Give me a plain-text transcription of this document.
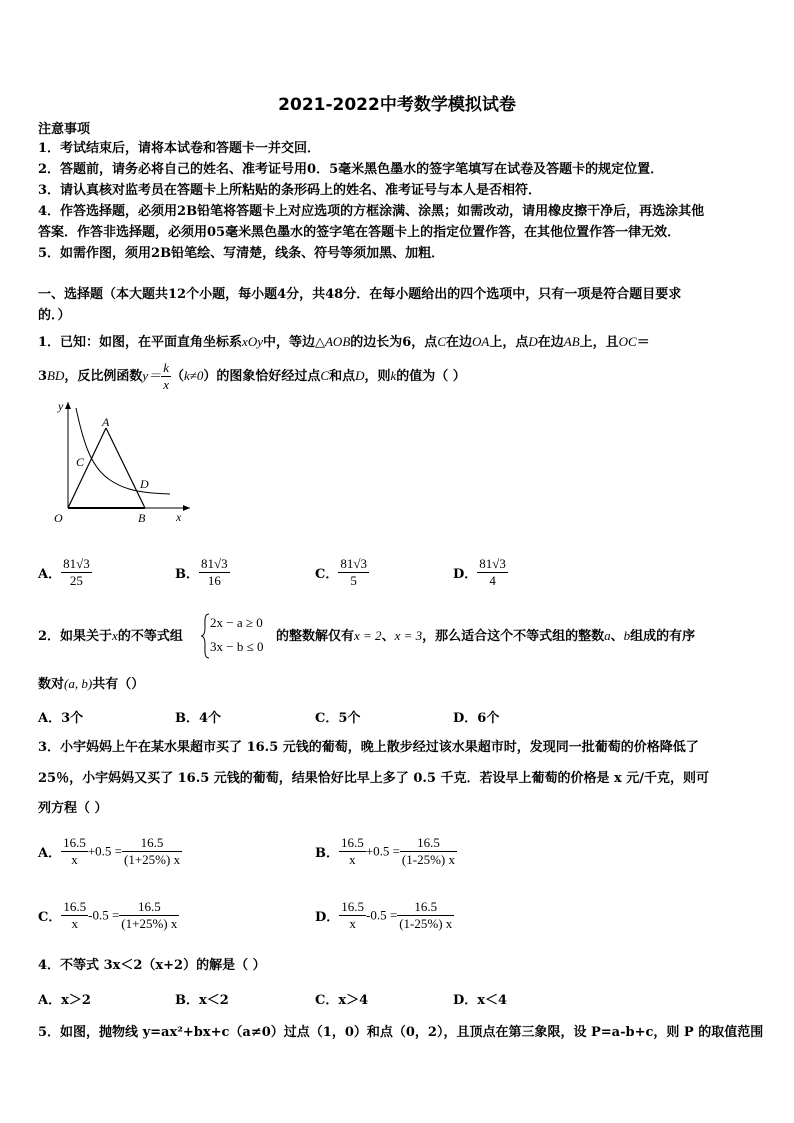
2021-2022中考数学模拟试卷
注意事项
1．考试结束后，请将本试卷和答题卡一并交回．
2．答题前，请务必将自己的姓名、准考证号用0．5毫米黑色墨水的签字笔填写在试卷及答题卡的规定位置．
3．请认真核对监考员在答题卡上所粘贴的条形码上的姓名、准考证号与本人是否相符．
4．作答选择题，必须用2B铅笔将答题卡上对应选项的方框涂满、涂黑；如需改动，请用橡皮擦干净后，再选涂其他
答案．作答非选择题，必须用05毫米黑色墨水的签字笔在答题卡上的指定位置作答，在其他位置作答一律无效．
5．如需作图，须用2B铅笔绘、写清楚，线条、符号等须加黑、加粗．
一、选择题（本大题共12个小题，每小题4分，共48分．在每小题给出的四个选项中，只有一项是符合题目要求
的．）
1．已知：如图，在平面直角坐标系xOy中，等边△AOB的边长为6，点C在边OA上，点D在边AB上，且OC＝
3BD，反比例函数$y= \frac{k}{x} (k\ne 0)$的图象恰好经过点C和点D，则k的值为（ ）
y
x
O
A
B
C
D
A． $\frac{81√3}{25}$	B． $\frac{81√3}{16}$	C． $\frac{81√3}{5}$	D． $\frac{81√3}{4}$
2．如果关于x的不等式组
2x − a ≥ 0
3x − b ≤ 0
的整数解仅有x = 2、x = 3，那么适合这个不等式组的整数a、b组成的有序
数对(a, b)共有（）
A．3个	B．4个	C．5个	D．6个
3．小宇妈妈上午在某水果超市买了 16.5 元钱的葡萄，晚上散步经过该水果超市时，发现同一批葡萄的价格降低了
25％，小宇妈妈又买了 16.5 元钱的葡萄，结果恰好比早上多了 0.5 千克．若设早上葡萄的价格是 x 元/千克，则可
列方程（ ）
A． $\frac{16.5}{x} +0.5 = \frac{16.5}{(1+25\%) x}$	B． $\frac{16.5}{x} +0.5 = \frac{16.5}{(1-25\%) x}$
C． $\frac{16.5}{x} -0.5 = \frac{16.5}{(1+25\%) x}$	D． $\frac{16.5}{x} -0.5 = \frac{16.5}{(1-25\%) x}$
4．不等式 3x＜2（x+2）的解是（ ）
A．x＞2	B．x＜2	C．x＞4	D．x＜4
5．如图，抛物线 y=ax²+bx+c（a≠0）过点（1，0）和点（0，2），且顶点在第三象限，设 P=a-b+c，则 P 的取值范围
